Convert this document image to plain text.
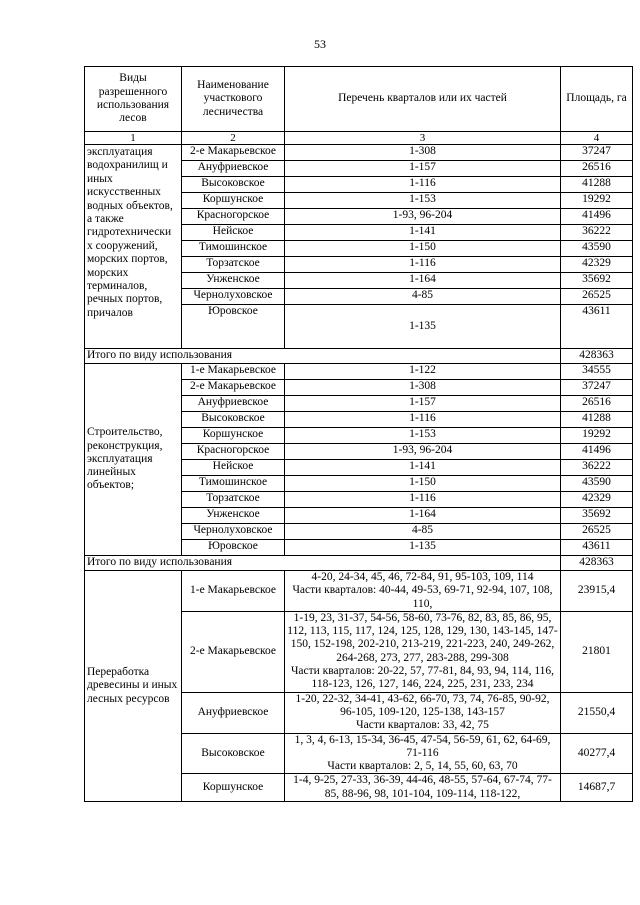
53
Виды разрешенного использования лесов	Наименование участкового лесничества	Перечень кварталов или их частей	Площадь, га
1	2	3	4
эксплуатация водохранилищ и иных искусственных водных объектов, а также гидротехнически х сооружений, морских портов, морских терминалов, речных портов, причалов	2-е Макарьевское	1-308	37247
	Ануфриевское	1-157	26516
	Высоковское	1-116	41288
	Коршунское	1-153	19292
	Красногорское	1-93, 96-204	41496
	Нейское	1-141	36222
	Тимошинское	1-150	43590
	Торзатское	1-116	42329
	Унженское	1-164	35692
	Чернолуховское	4-85	26525
	Юровское	1-135	43611
Итого по виду использования			428363
Строительство, реконструкция, эксплуатация линейных объектов;	1-е Макарьевское	1-122	34555
	2-е Макарьевское	1-308	37247
	Ануфриевское	1-157	26516
	Высоковское	1-116	41288
	Коршунское	1-153	19292
	Красногорское	1-93, 96-204	41496
	Нейское	1-141	36222
	Тимошинское	1-150	43590
	Торзатское	1-116	42329
	Унженское	1-164	35692
	Чернолуховское	4-85	26525
	Юровское	1-135	43611
Итого по виду использования			428363
Переработка древесины и иных лесных ресурсов	1-е Макарьевское	4-20, 24-34, 45, 46, 72-84, 91, 95-103, 109, 114
Части кварталов: 40-44, 49-53, 69-71, 92-94, 107, 108, 110,	23915,4
	2-е Макарьевское	1-19, 23, 31-37, 54-56, 58-60, 73-76, 82, 83, 85, 86, 95, 112, 113, 115, 117, 124, 125, 128, 129, 130, 143-145, 147-150, 152-198, 202-210, 213-219, 221-223, 240, 249-262, 264-268, 273, 277, 283-288, 299-308
Части кварталов: 20-22, 57, 77-81, 84, 93, 94, 114, 116, 118-123, 126, 127, 146, 224, 225, 231, 233, 234	21801
	Ануфриевское	1-20, 22-32, 34-41, 43-62, 66-70, 73, 74, 76-85, 90-92, 96-105, 109-120, 125-138, 143-157
Части кварталов: 33, 42, 75	21550,4
	Высоковское	1, 3, 4, 6-13, 15-34, 36-45, 47-54, 56-59, 61, 62, 64-69, 71-116
Части кварталов: 2, 5, 14, 55, 60, 63, 70	40277,4
	Коршунское	1-4, 9-25, 27-33, 36-39, 44-46, 48-55, 57-64, 67-74, 77-85, 88-96, 98, 101-104, 109-114, 118-122,	14687,7
